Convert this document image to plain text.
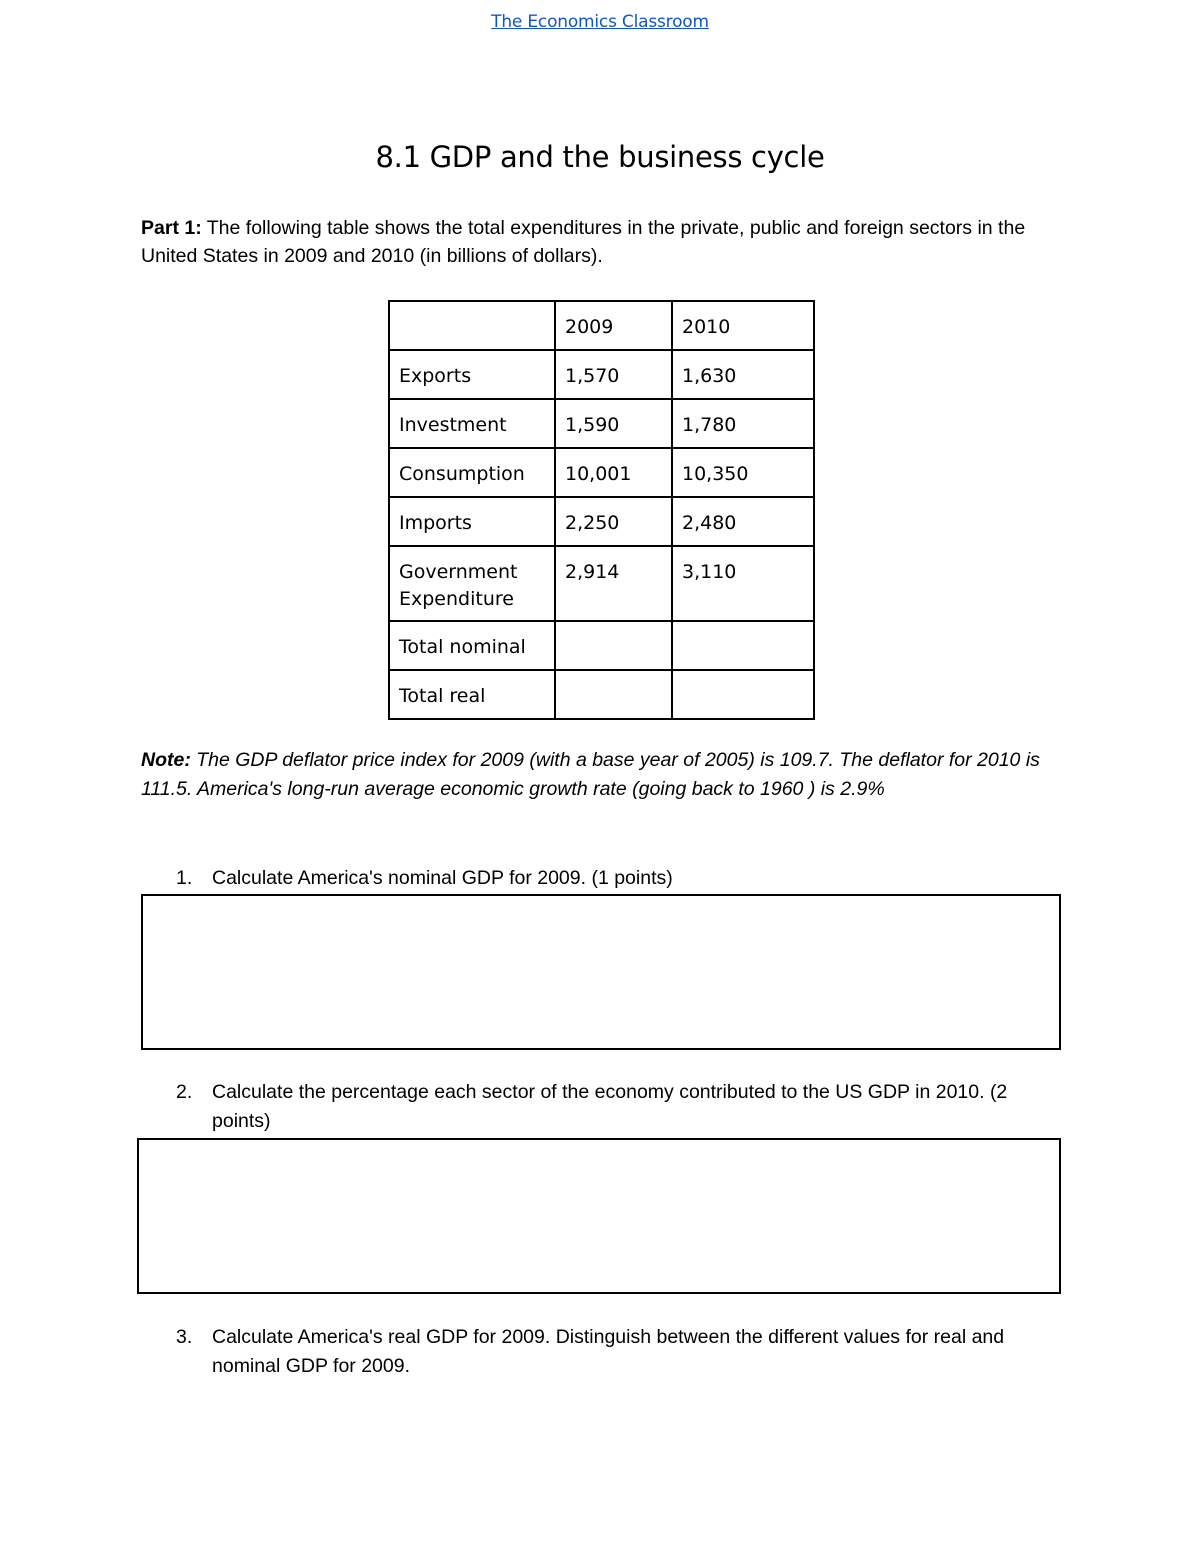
The Economics Classroom
8.1 GDP and the business cycle

Part 1: The following table shows the total expenditures in the private, public and foreign sectors in the United States in 2009 and 2010 (in billions of dollars).

	2009	2010
Exports	1,570	1,630
Investment	1,590	1,780
Consumption	10,001	10,350
Imports	2,250	2,480
Government Expenditure	2,914	3,110
Total nominal		
Total real		

Note: The GDP deflator price index for 2009 (with a base year of 2005) is 109.7. The deflator for 2010 is 111.5. America's long-run average economic growth rate (going back to 1960 ) is 2.9%

1.	Calculate America's nominal GDP for 2009. (1 points)
2.	Calculate the percentage each sector of the economy contributed to the US GDP in 2010. (2 points)
3.	Calculate America's real GDP for 2009. Distinguish between the different values for real and nominal GDP for 2009.
